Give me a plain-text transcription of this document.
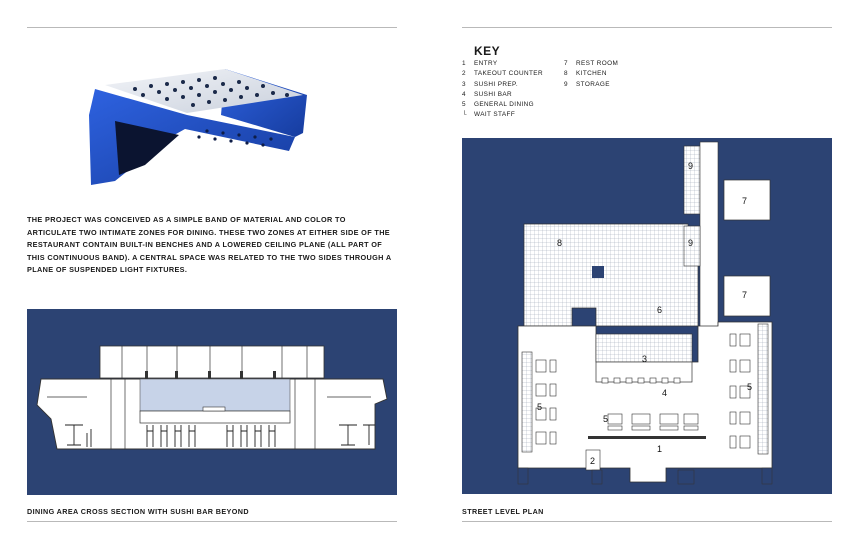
THE PROJECT WAS CONCEIVED AS A SIMPLE BAND OF MATERIAL AND COLOR TO ARTICULATE TWO INTIMATE ZONES FOR DINING. THESE TWO ZONES AT EITHER SIDE OF THE RESTAURANT CONTAIN BUILT-IN BENCHES AND A LOWERED CEILING PLANE (ALL PART OF THIS CONTINUOUS BAND). A CENTRAL SPACE WAS RELATED TO THE TWO SIDES THROUGH A PLANE OF SUSPENDED LIGHT FIXTURES.

DINING AREA CROSS SECTION WITH SUSHI BAR BEYOND
KEY
1	ENTRY
2	TAKEOUT COUNTER
3	SUSHI PREP.
4	SUSHI BAR
5	GENERAL DINING
└	WAIT STAFF
7	REST ROOM
8	KITCHEN
9	STORAGE
8
9
9
7
7
6
3
4
5
5
5
2
1
STREET LEVEL PLAN
